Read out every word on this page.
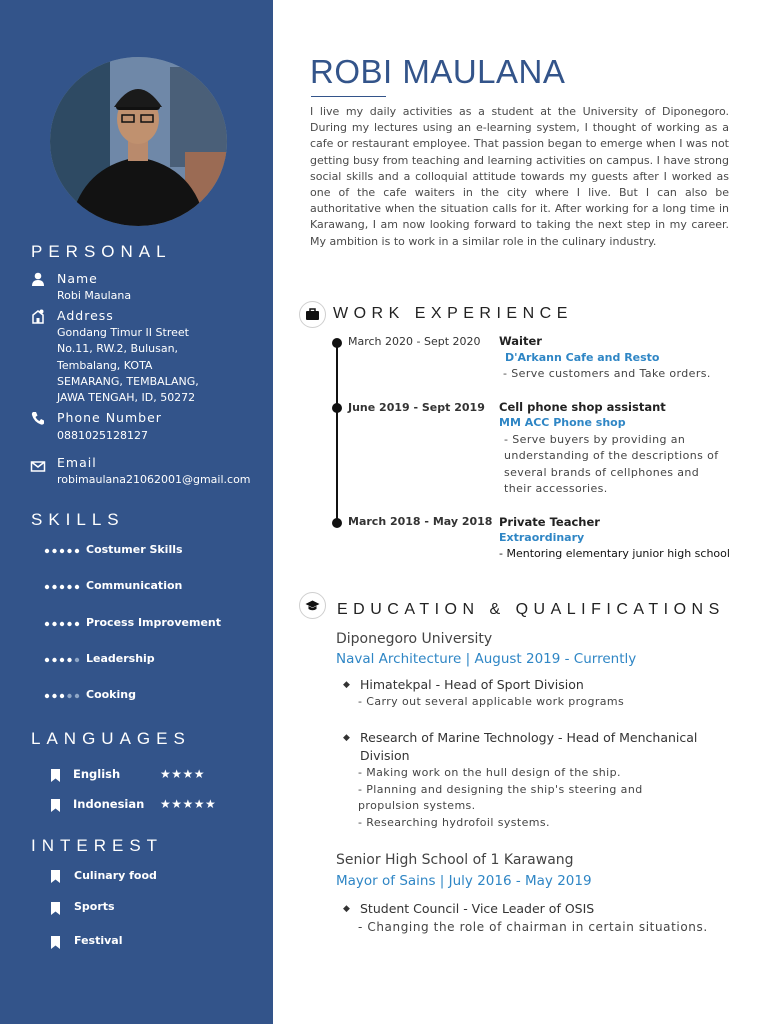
PERSONAL
Name
Robi Maulana
Address
Gondang Timur II Street
No.11, RW.2, Bulusan,
Tembalang, KOTA
SEMARANG, TEMBALANG,
JAWA TENGAH, ID, 50272
Phone Number
0881025128127
Email
robimaulana21062001@gmail.com
SKILLS
Costumer Skills
Communication
Process Improvement
Leadership
Cooking
LANGUAGES
English	★★★★
Indonesian ★★★★★
INTEREST
Culinary food
Sports
Festival
ROBI MAULANA
I live my daily activities as a student at the University of Diponegoro. During my lectures using an e-learning system, I thought of working as a cafe or restaurant employee. That passion began to emerge when I was not getting busy from teaching and learning activities on campus. I have strong social skills and a colloquial attitude towards my guests after I worked as one of the cafe waiters in the city where I live. But I can also be authoritative when the situation calls for it. After working for a long time in Karawang, I am now looking forward to taking the next step in my career. My ambition is to work in a similar role in the culinary industry.
WORK EXPERIENCE
March 2020 - Sept 2020 Waiter
D'Arkann Cafe and Resto
- Serve customers and Take orders.
June 2019 - Sept 2019 Cell phone shop assistant
MM ACC Phone shop
- Serve buyers by providing an
understanding of the descriptions of
several brands of cellphones and
their accessories.
March 2018 - May 2018 Private Teacher
Extraordinary
- Mentoring elementary junior high school
EDUCATION & QUALIFICATIONS
Diponegoro University
Naval Architecture | August 2019 - Currently
◆ Himatekpal - Head of Sport Division
- Carry out several applicable work programs
◆ Research of Marine Technology - Head of Menchanical
Division
- Making work on the hull design of the ship.
- Planning and designing the ship's steering and
propulsion systems.
- Researching hydrofoil systems.
Senior High School of 1 Karawang
Mayor of Sains | July 2016 - May 2019
◆ Student Council - Vice Leader of OSIS
- Changing the role of chairman in certain situations.
